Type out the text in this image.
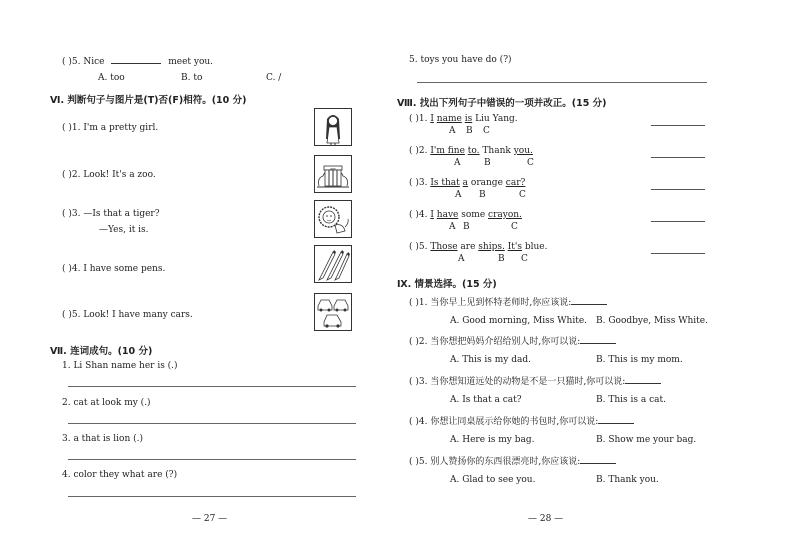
( )5. Nice	meet you.
A. too	B. to	C. /
Ⅵ. 判断句子与图片是(T)否(F)相符。(10 分)
( )1. I'm a pretty girl.
( )2. Look! It's a zoo.
( )3. —Is that a tiger?
—Yes, it is.
( )4. I have some pens.
( )5. Look! I have many cars.
zoo
Ⅶ. 连词成句。(10 分)
1. Li Shan name her is (.)
2. cat at look my (.)
3. a that is lion (.)
4. color they what are (?)
— 27 —
5. toys you have do (?)
Ⅷ. 找出下列句子中错误的一项并改正。(15 分)
( )1. I name is Liu Yang.
A B C
( )2. I'm fine to. Thank you.
A	B	C
( )3. Is that a orange car?
A B	C
( )4. I have some crayon.
A B	C
( )5. Those are ships. It's blue.
A	B C
Ⅸ. 情景选择。(15 分)
( )1. 当你早上见到怀特老师时,你应该说:
A. Good morning, Miss White. B. Goodbye, Miss White.
( )2. 当你想把妈妈介绍给别人时,你可以说:
A. This is my dad.	B. This is my mom.
( )3. 当你想知道远处的动物是不是一只猫时,你可以说:
A. Is that a cat?	B. This is a cat.
( )4. 你想让同桌展示给你她的书包时,你可以说:
A. Here is my bag.	B. Show me your bag.
( )5. 别人赞扬你的东西很漂亮时,你应该说:
A. Glad to see you.	B. Thank you.
— 28 —
